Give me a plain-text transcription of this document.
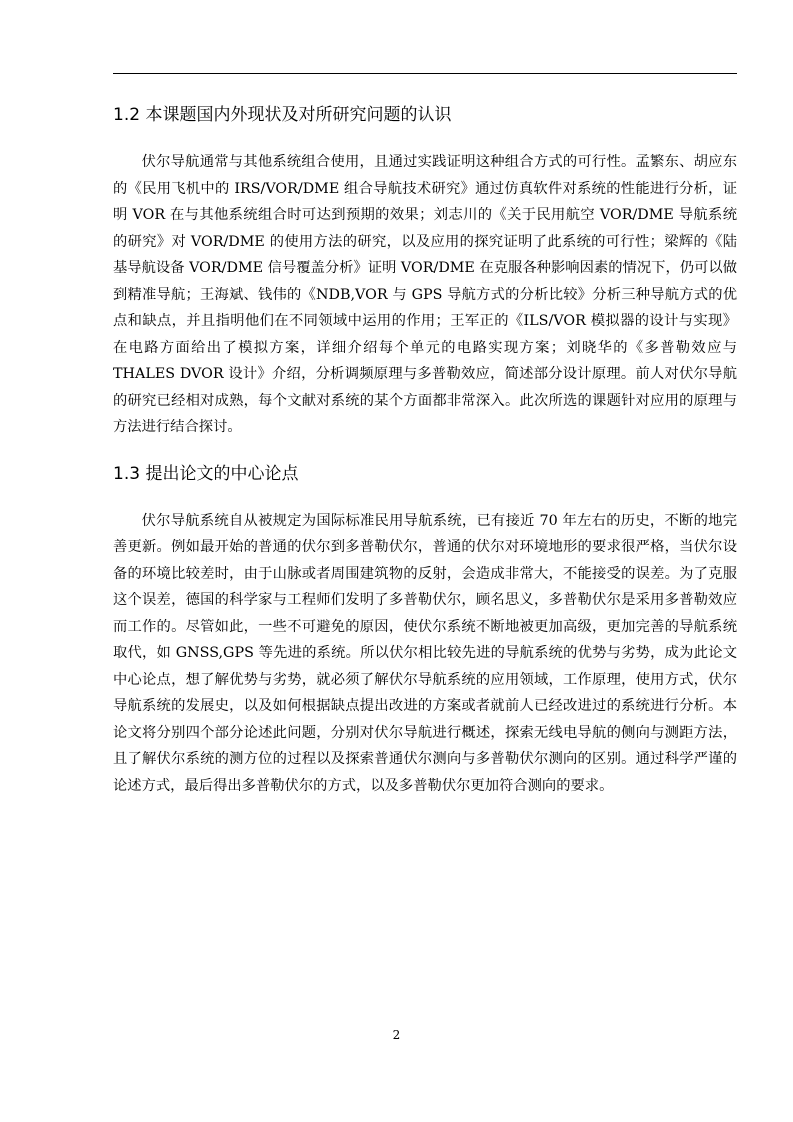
1.2 本课题国内外现状及对所研究问题的认识

伏尔导航通常与其他系统组合使用，且通过实践证明这种组合方式的可行性。孟繁东、胡应东的《民用飞机中的 IRS/VOR/DME 组合导航技术研究》通过仿真软件对系统的性能进行分析，证明 VOR 在与其他系统组合时可达到预期的效果；刘志川的《关于民用航空 VOR/DME 导航系统的研究》对 VOR/DME 的使用方法的研究，以及应用的探究证明了此系统的可行性；梁辉的《陆基导航设备 VOR/DME 信号覆盖分析》证明 VOR/DME 在克服各种影响因素的情况下，仍可以做到精准导航；王海斌、钱伟的《NDB,VOR 与 GPS 导航方式的分析比较》分析三种导航方式的优点和缺点，并且指明他们在不同领域中运用的作用；王军正的《ILS/VOR 模拟器的设计与实现》在电路方面给出了模拟方案，详细介绍每个单元的电路实现方案；刘晓华的《多普勒效应与 THALES DVOR 设计》介绍，分析调频原理与多普勒效应，简述部分设计原理。前人对伏尔导航的研究已经相对成熟，每个文献对系统的某个方面都非常深入。此次所选的课题针对应用的原理与方法进行结合探讨。

1.3 提出论文的中心论点

伏尔导航系统自从被规定为国际标准民用导航系统，已有接近 70 年左右的历史，不断的地完善更新。例如最开始的普通的伏尔到多普勒伏尔，普通的伏尔对环境地形的要求很严格，当伏尔设备的环境比较差时，由于山脉或者周围建筑物的反射，会造成非常大，不能接受的误差。为了克服这个误差，德国的科学家与工程师们发明了多普勒伏尔，顾名思义，多普勒伏尔是采用多普勒效应而工作的。尽管如此，一些不可避免的原因，使伏尔系统不断地被更加高级，更加完善的导航系统取代，如 GNSS,GPS 等先进的系统。所以伏尔相比较先进的导航系统的优势与劣势，成为此论文中心论点，想了解优势与劣势，就必须了解伏尔导航系统的应用领域，工作原理，使用方式，伏尔导航系统的发展史，以及如何根据缺点提出改进的方案或者就前人已经改进过的系统进行分析。本论文将分别四个部分论述此问题，分别对伏尔导航进行概述，探索无线电导航的侧向与测距方法，且了解伏尔系统的测方位的过程以及探索普通伏尔测向与多普勒伏尔测向的区别。通过科学严谨的论述方式，最后得出多普勒伏尔的方式，以及多普勒伏尔更加符合测向的要求。

2
